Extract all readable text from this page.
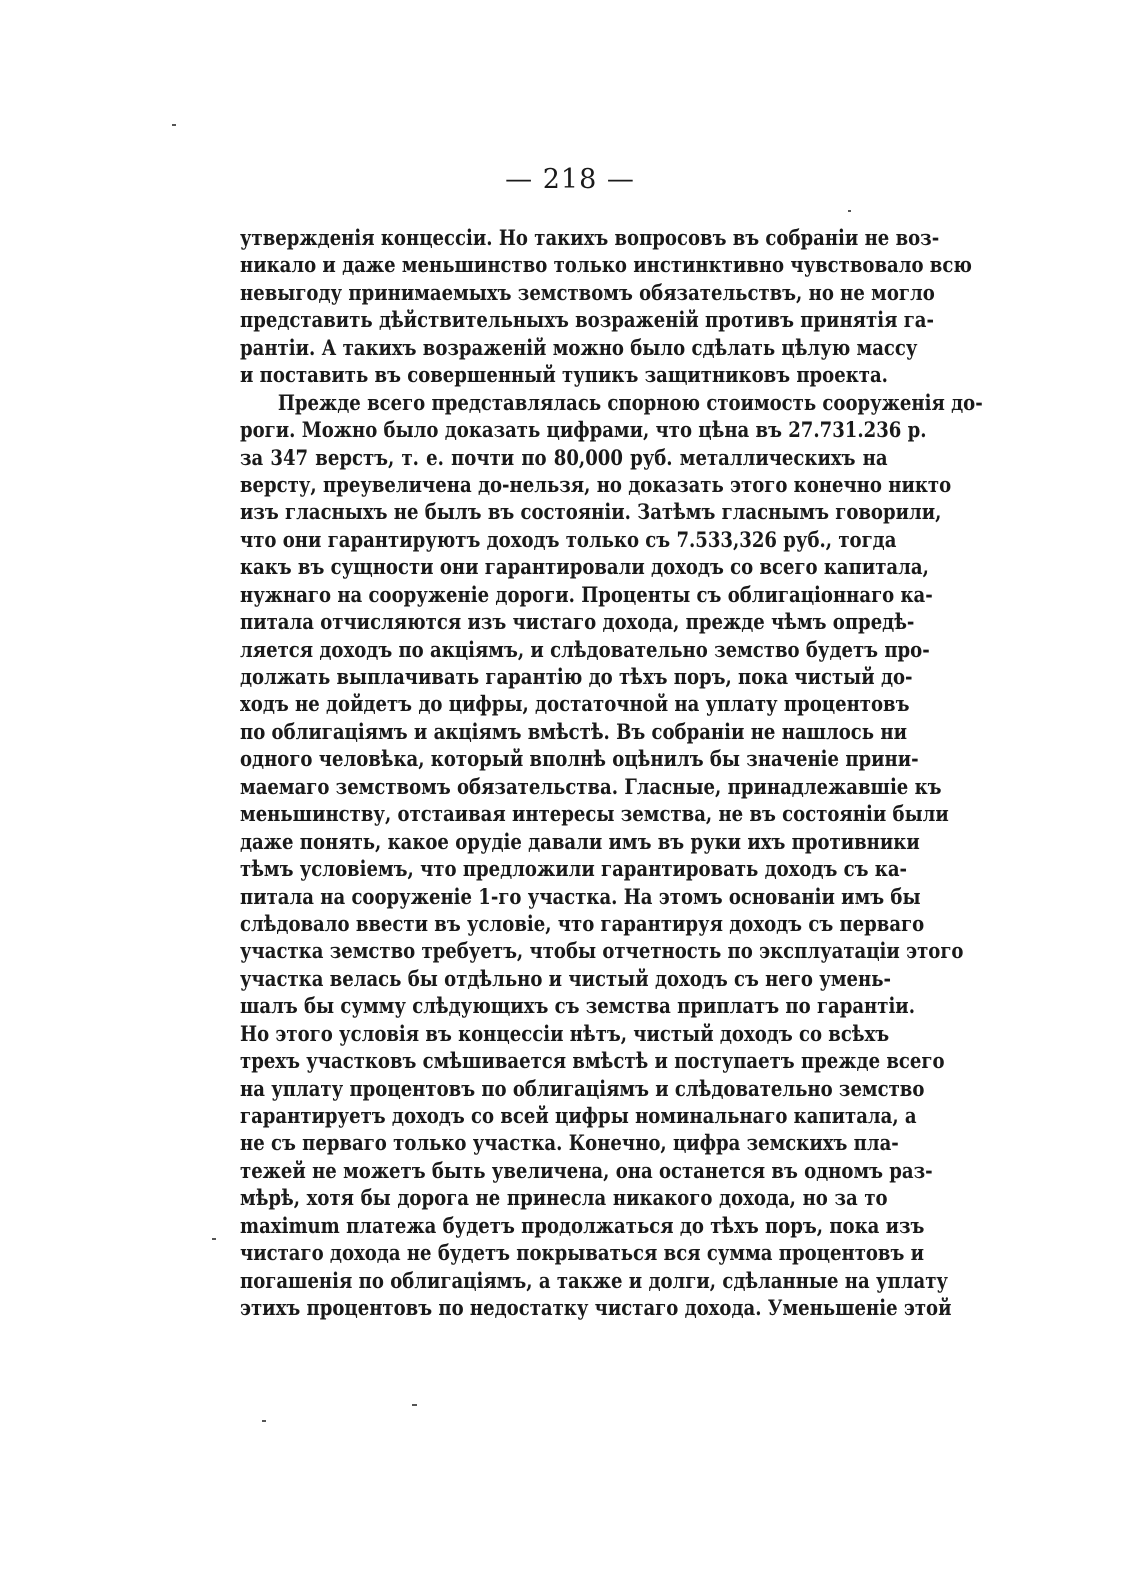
— 218 —
утвержденія концессіи. Но такихъ вопросовъ въ собраніи не воз-
никало и даже меньшинство только инстинктивно чувствовало всю
невыгоду принимаемыхъ земствомъ обязательствъ, но не могло
представить дѣйствительныхъ возраженій противъ принятія га-
рантіи. А такихъ возраженій можно было сдѣлать цѣлую массу
и поставить въ совершенный тупикъ защитниковъ проекта.
Прежде всего представлялась спорною стоимость сооруженія до-
роги. Можно было доказать цифрами, что цѣна въ 27.731.236 р.
за 347 верстъ, т. е. почти по 80,000 руб. металлическихъ на
версту, преувеличена до-нельзя, но доказать этого конечно никто
изъ гласныхъ не былъ въ состояніи. Затѣмъ гласнымъ говорили,
что они гарантируютъ доходъ только съ 7.533,326 руб., тогда
какъ въ сущности они гарантировали доходъ со всего капитала,
нужнаго на сооруженіе дороги. Проценты съ облигаціоннаго ка-
питала отчисляются изъ чистаго дохода, прежде чѣмъ опредѣ-
ляется доходъ по акціямъ, и слѣдовательно земство будетъ про-
должать выплачивать гарантію до тѣхъ поръ, пока чистый до-
ходъ не дойдетъ до цифры, достаточной на уплату процентовъ
по облигаціямъ и акціямъ вмѣстѣ. Въ собраніи не нашлось ни
одного человѣка, который вполнѣ оцѣнилъ бы значеніе прини-
маемаго земствомъ обязательства. Гласные, принадлежавшіе къ
меньшинству, отстаивая интересы земства, не въ состояніи были
даже понять, какое орудіе давали имъ въ руки ихъ противники
тѣмъ условіемъ, что предложили гарантировать доходъ съ ка-
питала на сооруженіе 1-го участка. На этомъ основаніи имъ бы
слѣдовало ввести въ условіе, что гарантируя доходъ съ перваго
участка земство требуетъ, чтобы отчетность по эксплуатаціи этого
участка велась бы отдѣльно и чистый доходъ съ него умень-
шалъ бы сумму слѣдующихъ съ земства приплатъ по гарантіи.
Но этого условія въ концессіи нѣтъ, чистый доходъ со всѣхъ
трехъ участковъ смѣшивается вмѣстѣ и поступаетъ прежде всего
на уплату процентовъ по облигаціямъ и слѣдовательно земство
гарантируетъ доходъ со всей цифры номинальнаго капитала, а
не съ перваго только участка. Конечно, цифра земскихъ пла-
тежей не можетъ быть увеличена, она останется въ одномъ раз-
мѣрѣ, хотя бы дорога не принесла никакого дохода, но за то
maximum платежа будетъ продолжаться до тѣхъ поръ, пока изъ
чистаго дохода не будетъ покрываться вся сумма процентовъ и
погашенія по облигаціямъ, а также и долги, сдѣланные на уплату
этихъ процентовъ по недостатку чистаго дохода. Уменьшеніе этой
